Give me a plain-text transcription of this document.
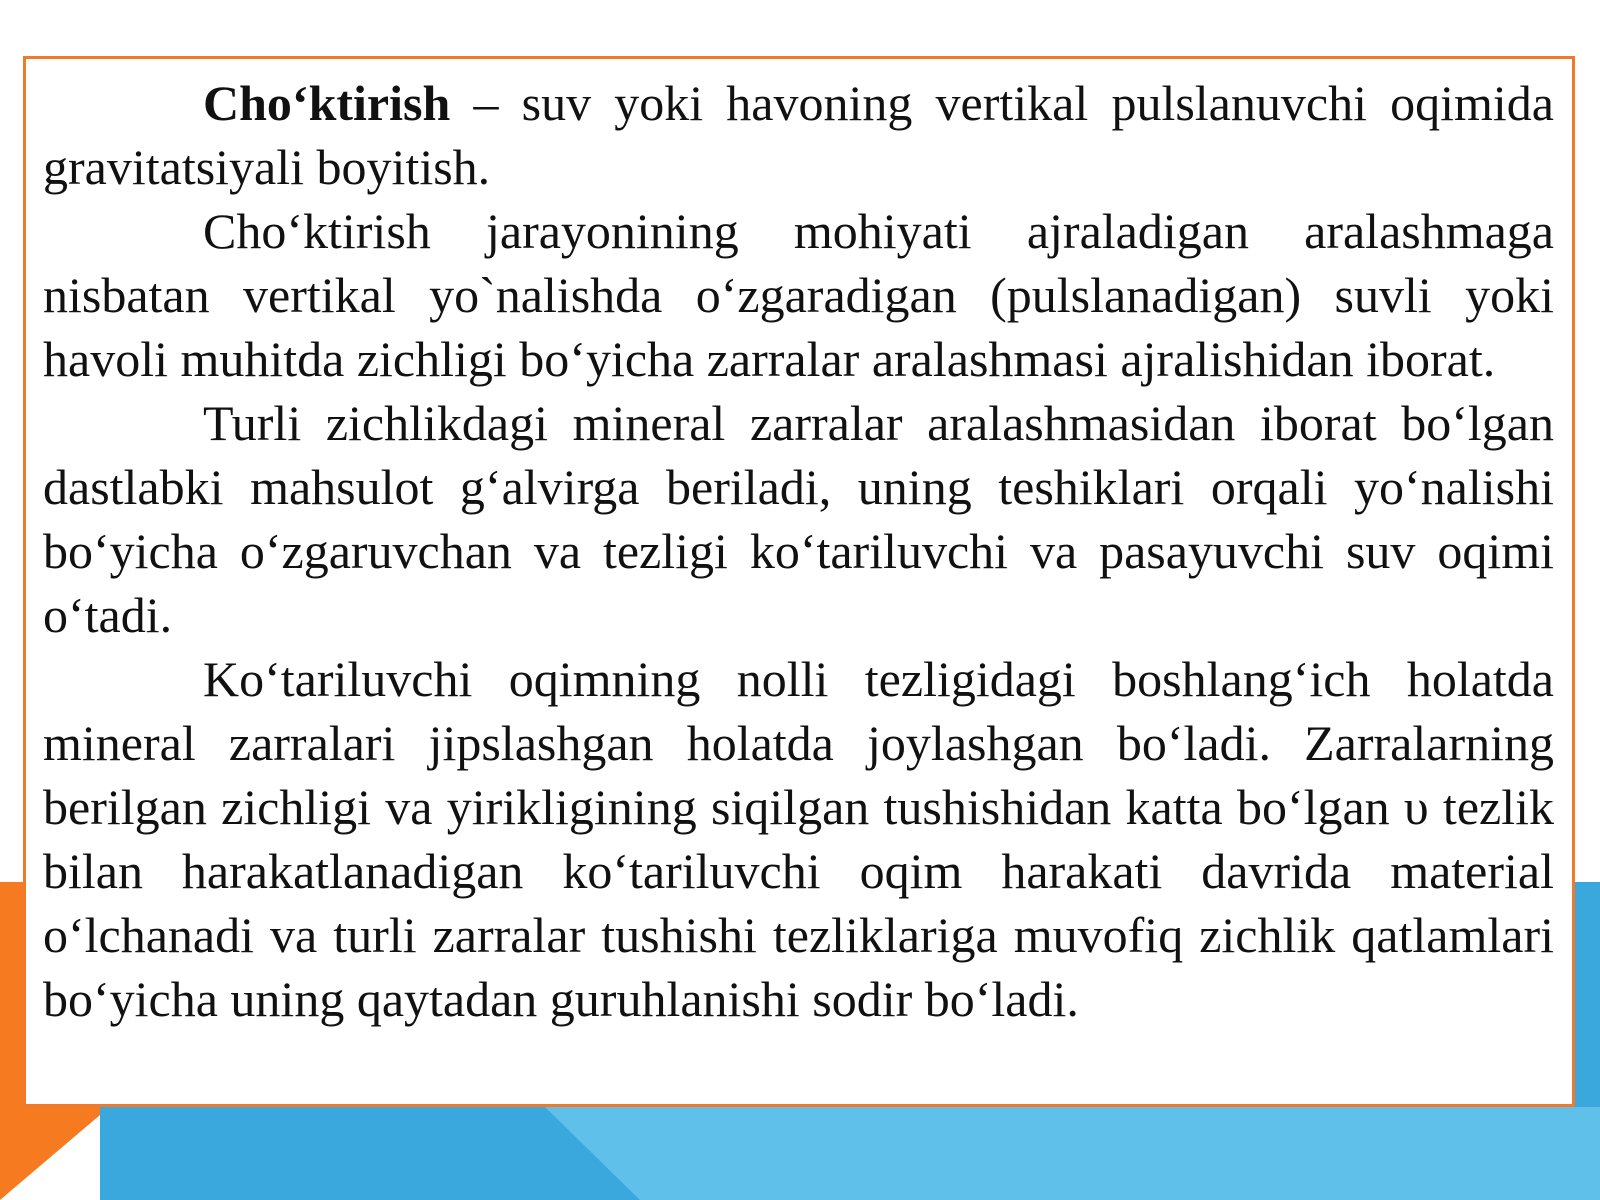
Cho‘ktirish – suv yoki havoning vertikal pulslanuvchi oqimida gravitatsiyali boyitish.

Cho‘ktirish jarayonining mohiyati ajraladigan aralashmaga nisbatan vertikal yo`nalishda o‘zgaradigan (pulslanadigan) suvli yoki havoli muhitda zichligi bo‘yicha zarralar aralashmasi ajralishidan iborat.

Turli zichlikdagi mineral zarralar aralashmasidan iborat bo‘lgan dastlabki mahsulot g‘alvirga beriladi, uning teshiklari orqali yo‘nalishi bo‘yicha o‘zgaruvchan va tezligi ko‘tariluvchi va pasayuvchi suv oqimi o‘tadi.

Ko‘tariluvchi oqimning nolli tezligidagi boshlang‘ich holatda mineral zarralari jipslashgan holatda joylashgan bo‘ladi. Zarralarning berilgan zichligi va yirikligining siqilgan tushishidan katta bo‘lgan υ tezlik bilan harakatlanadigan ko‘tariluvchi oqim harakati davrida material o‘lchanadi va turli zarralar tushishi tezliklariga muvofiq zichlik qatlamlari bo‘yicha uning qaytadan guruhlanishi sodir bo‘ladi.
